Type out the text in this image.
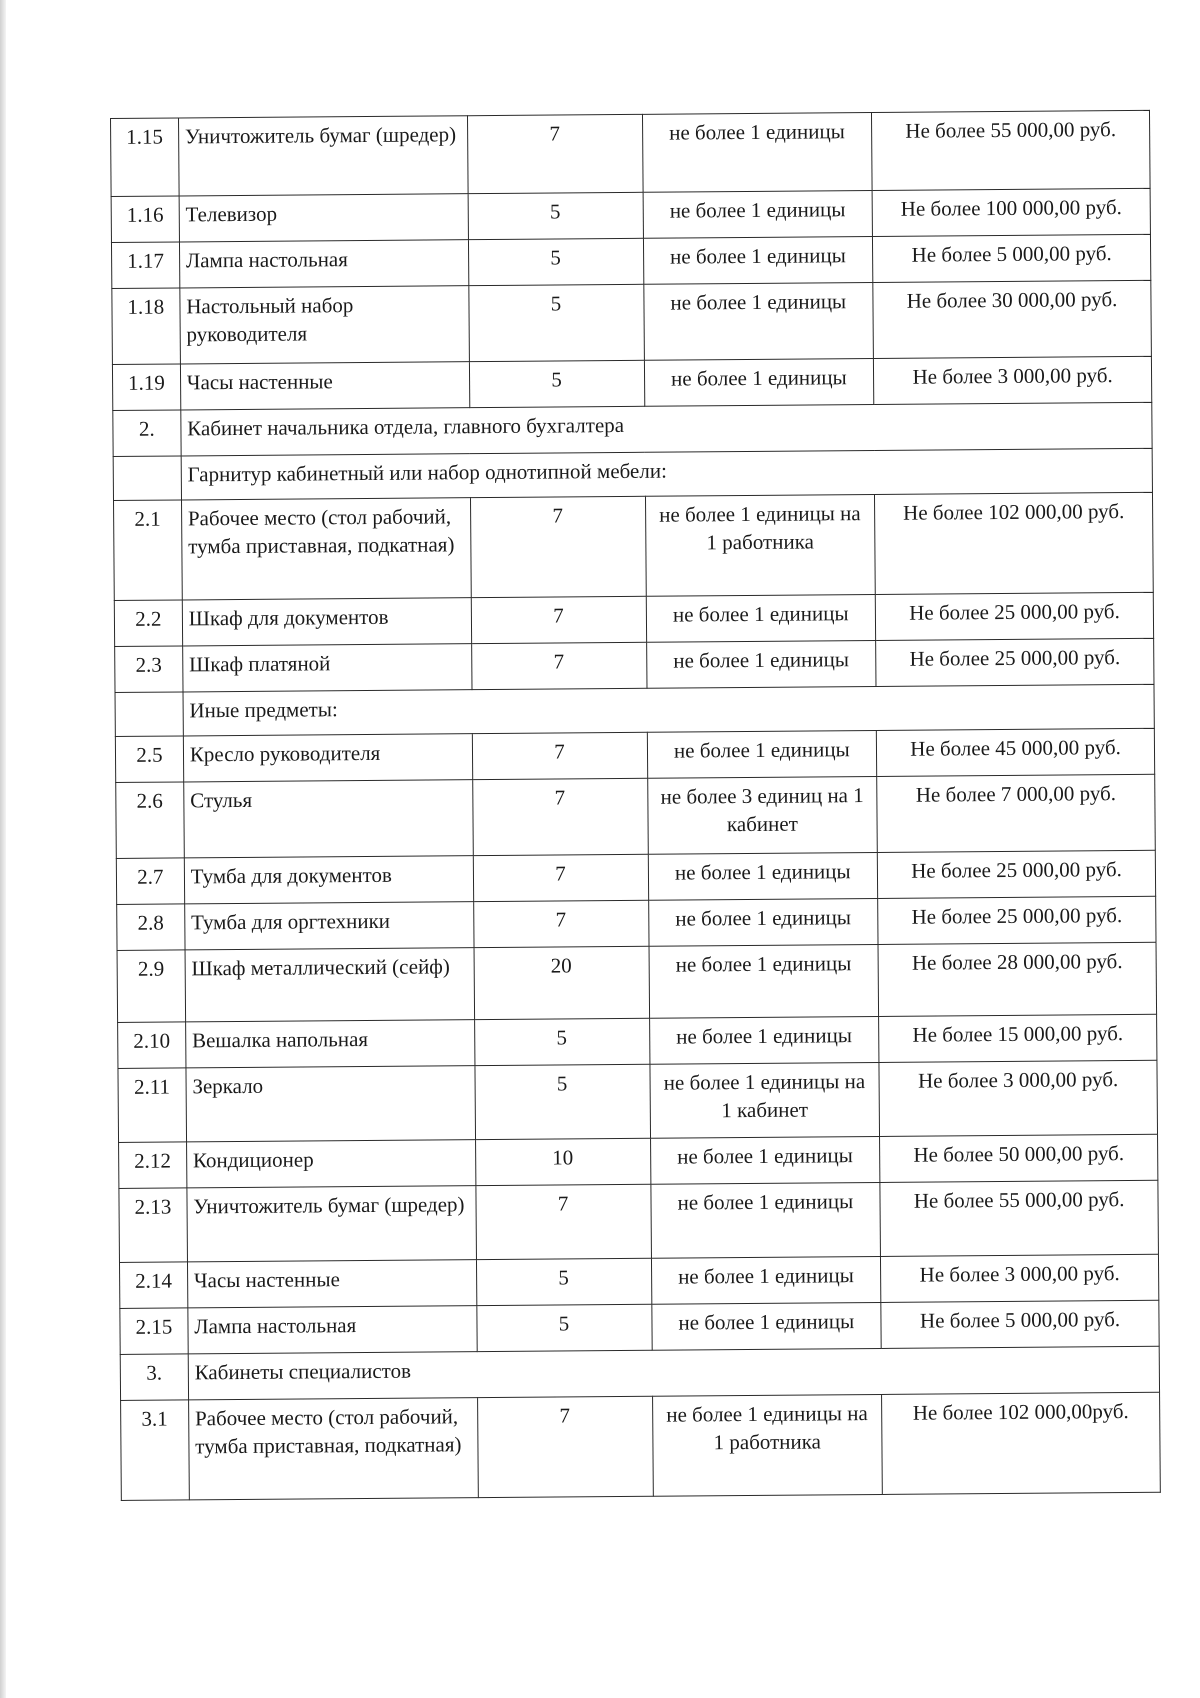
1.15	Уничтожитель бумаг (шредер)	7	не более 1 единицы	Не более 55 000,00 руб.
1.16	Телевизор	5	не более 1 единицы	Не более 100 000,00 руб.
1.17	Лампа настольная	5	не более 1 единицы	Не более 5 000,00 руб.
1.18	Настольный набор руководителя	5	не более 1 единицы	Не более 30 000,00 руб.
1.19	Часы настенные	5	не более 1 единицы	Не более 3 000,00 руб.
2.	Кабинет начальника отдела, главного бухгалтера			
	Гарнитур кабинетный или набор однотипной мебели:			
2.1	Рабочее место (стол рабочий, тумба приставная, подкатная)	7	не более 1 единицы на 1 работника	Не более 102 000,00 руб.
2.2	Шкаф для документов	7	не более 1 единицы	Не более 25 000,00 руб.
2.3	Шкаф платяной	7	не более 1 единицы	Не более 25 000,00 руб.
	Иные предметы:			
2.5	Кресло руководителя	7	не более 1 единицы	Не более 45 000,00 руб.
2.6	Стулья	7	не более 3 единиц на 1 кабинет	Не более 7 000,00 руб.
2.7	Тумба для документов	7	не более 1 единицы	Не более 25 000,00 руб.
2.8	Тумба для оргтехники	7	не более 1 единицы	Не более 25 000,00 руб.
2.9	Шкаф металлический (сейф)	20	не более 1 единицы	Не более 28 000,00 руб.
2.10	Вешалка напольная	5	не более 1 единицы	Не более 15 000,00 руб.
2.11	Зеркало	5	не более 1 единицы на 1 кабинет	Не более 3 000,00 руб.
2.12	Кондиционер	10	не более 1 единицы	Не более 50 000,00 руб.
2.13	Уничтожитель бумаг (шредер)	7	не более 1 единицы	Не более 55 000,00 руб.
2.14	Часы настенные	5	не более 1 единицы	Не более 3 000,00 руб.
2.15	Лампа настольная	5	не более 1 единицы	Не более 5 000,00 руб.
3.	Кабинеты специалистов			
3.1	Рабочее место (стол рабочий, тумба приставная, подкатная)	7	не более 1 единицы на 1 работника	Не более 102 000,00руб.
